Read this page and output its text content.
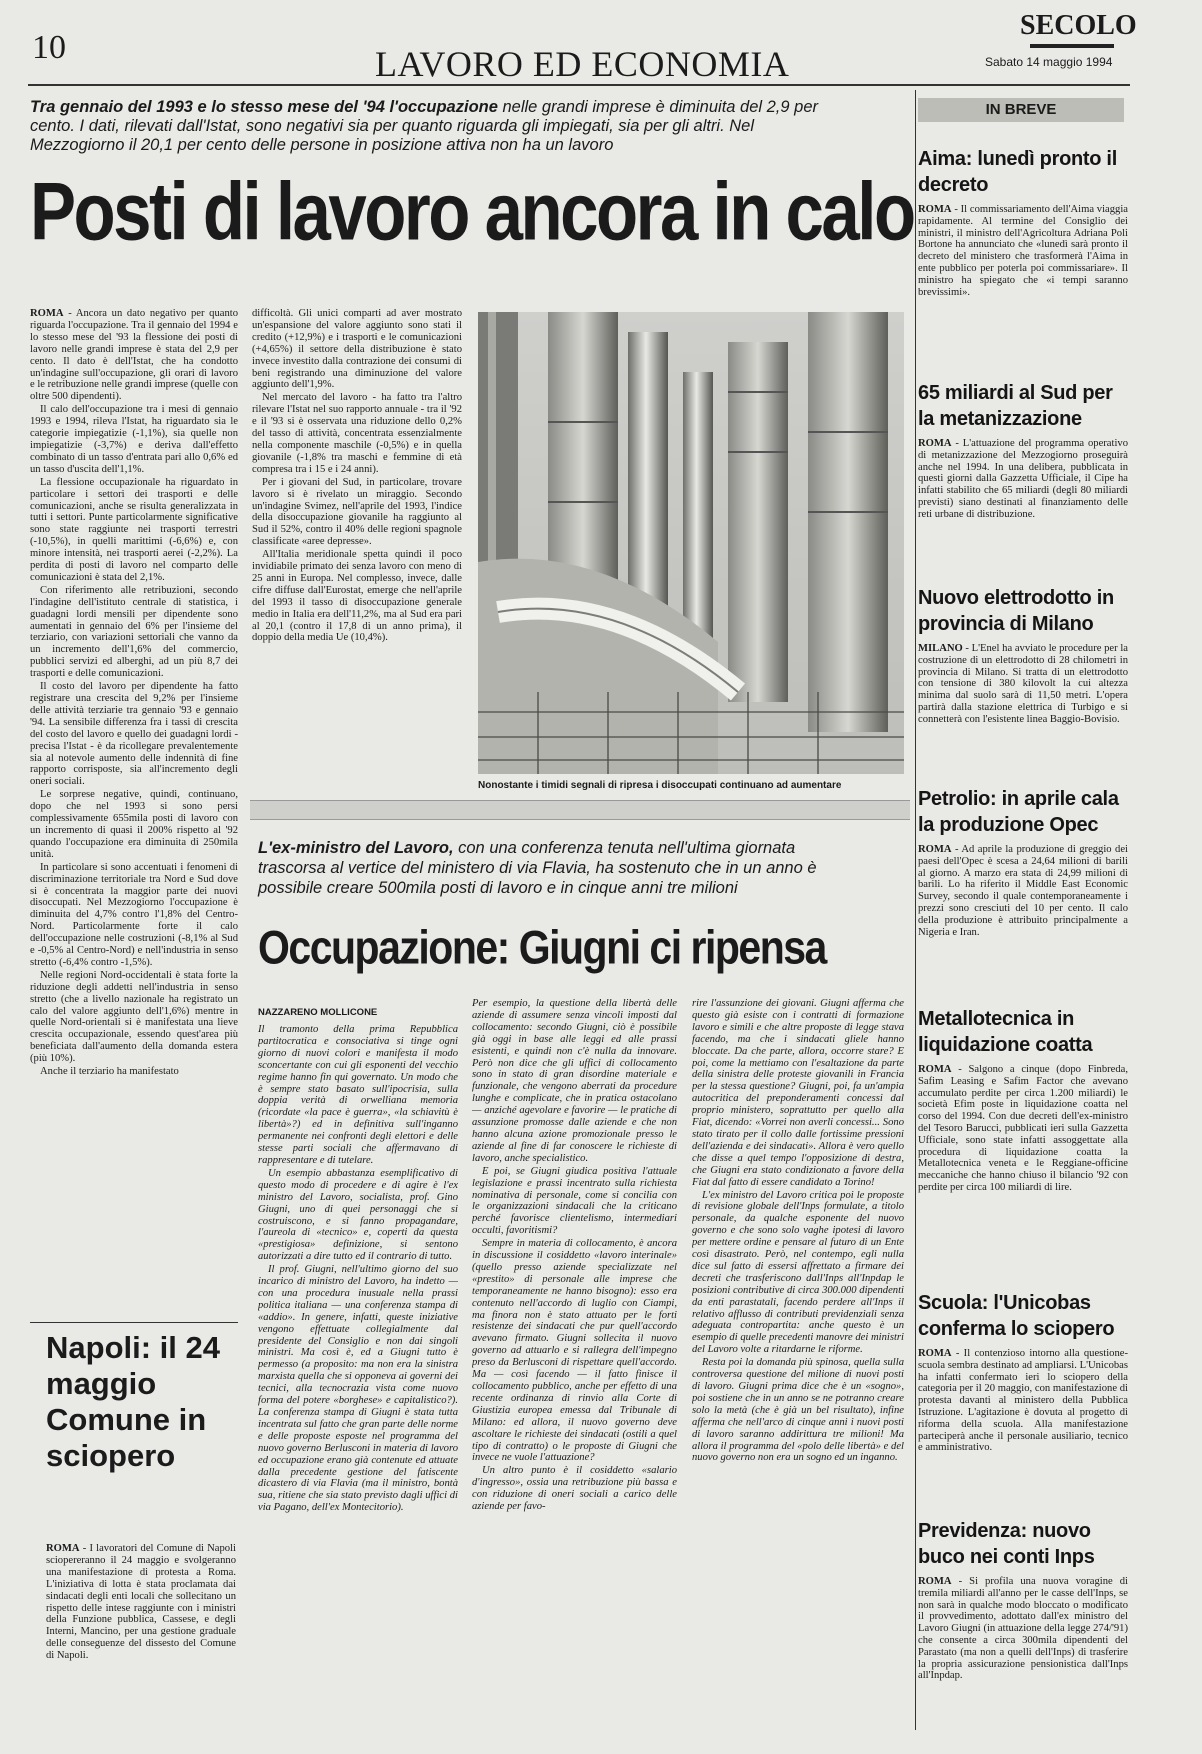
10	LAVORO ED ECONOMIA
SECOLO
Sabato 14 maggio 1994
Tra gennaio del 1993 e lo stesso mese del '94 l'occupazione nelle grandi imprese è diminuita del 2,9 per cento. I dati, rilevati dall'Istat, sono negativi sia per quanto riguarda gli impiegati, sia per gli altri. Nel Mezzogiorno il 20,1 per cento delle persone in posizione attiva non ha un lavoro
Posti di lavoro ancora in calo

ROMA - Ancora un dato negativo per quanto riguarda l'occupazione. Tra il gennaio del 1994 e lo stesso mese del '93 la flessione dei posti di lavoro nelle grandi imprese è stata del 2,9 per cento. Il dato è dell'Istat, che ha condotto un'indagine sull'occupazione, gli orari di lavoro e le retribuzione nelle grandi imprese (quelle con oltre 500 dipendenti).

Il calo dell'occupazione tra i mesi di gennaio 1993 e 1994, rileva l'Istat, ha riguardato sia le categorie impiegatizie (-1,1%), sia quelle non impiegatizie (-3,7%) e deriva dall'effetto combinato di un tasso d'entrata pari allo 0,6% ed un tasso d'uscita dell'1,1%.

La flessione occupazionale ha riguardato in particolare i settori dei trasporti e delle comunicazioni, anche se risulta generalizzata in tutti i settori. Punte particolarmente significative sono state raggiunte nei trasporti terrestri (-10,5%), in quelli marittimi (-6,6%) e, con minore intensità, nei trasporti aerei (-2,2%). La perdita di posti di lavoro nel comparto delle comunicazioni è stata del 2,1%.

Con riferimento alle retribuzioni, secondo l'indagine dell'istituto centrale di statistica, i guadagni lordi mensili per dipendente sono aumentati in gennaio del 6% per l'insieme del terziario, con variazioni settoriali che vanno da un incremento dell'1,6% del commercio, pubblici servizi ed alberghi, ad un più 8,7 dei trasporti e delle comunicazioni.

Il costo del lavoro per dipendente ha fatto registrare una crescita del 9,2% per l'insieme delle attività terziarie tra gennaio '93 e gennaio '94. La sensibile differenza fra i tassi di crescita del costo del lavoro e quello dei guadagni lordi - precisa l'Istat - è da ricollegare prevalentemente sia al notevole aumento delle indennità di fine rapporto corrisposte, sia all'incremento degli oneri sociali.

Le sorprese negative, quindi, continuano, dopo che nel 1993 si sono persi complessivamente 655mila posti di lavoro con un incremento di quasi il 200% rispetto al '92 quando l'occupazione era diminuita di 250mila unità.

In particolare si sono accentuati i fenomeni di discriminazione territoriale tra Nord e Sud dove si è concentrata la maggior parte dei nuovi disoccupati. Nel Mezzogiorno l'occupazione è diminuita del 4,7% contro l'1,8% del Centro-Nord. Particolarmente forte il calo dell'occupazione nelle costruzioni (-8,1% al Sud e -0,5% al Centro-Nord) e nell'industria in senso stretto (-6,4% contro -1,5%).

Nelle regioni Nord-occidentali è stata forte la riduzione degli addetti nell'industria in senso stretto (che a livello nazionale ha registrato un calo del valore aggiunto dell'1,6%) mentre in quelle Nord-orientali si è manifestata una lieve crescita occupazionale, essendo quest'area più beneficiata dall'aumento della domanda estera (più 10%).

Anche il terziario ha manifestato

difficoltà. Gli unici comparti ad aver mostrato un'espansione del valore aggiunto sono stati il credito (+12,9%) e i trasporti e le comunicazioni (+4,65%) il settore della distribuzione è stato invece investito dalla contrazione dei consumi di beni registrando una diminuzione del valore aggiunto dell'1,9%.

Nel mercato del lavoro - ha fatto tra l'altro rilevare l'Istat nel suo rapporto annuale - tra il '92 e il '93 si è osservata una riduzione dello 0,2% del tasso di attività, concentrata essenzialmente nella componente maschile (-0,5%) e in quella giovanile (-1,8% tra maschi e femmine di età compresa tra i 15 e i 24 anni).

Per i giovani del Sud, in particolare, trovare lavoro si è rivelato un miraggio. Secondo un'indagine Svimez, nell'aprile del 1993, l'indice della disoccupazione giovanile ha raggiunto al Sud il 52%, contro il 40% delle regioni spagnole classificate «aree depresse».

All'Italia meridionale spetta quindi il poco invidiabile primato dei senza lavoro con meno di 25 anni in Europa. Nel complesso, invece, dalle cifre diffuse dall'Eurostat, emerge che nell'aprile del 1993 il tasso di disoccupazione generale medio in Italia era dell'11,2%, ma al Sud era pari al 20,1 (contro il 17,8 di un anno prima), il doppio della media Ue (10,4%).

Nonostante i timidi segnali di ripresa i disoccupati continuano ad aumentare
L'ex-ministro del Lavoro, con una conferenza tenuta nell'ultima giornata trascorsa al vertice del ministero di via Flavia, ha sostenuto che in un anno è possibile creare 500mila posti di lavoro e in cinque anni tre milioni
Occupazione: Giugni ci ripensa
NAZZARENO MOLLICONE

Il tramonto della prima Repubblica partitocratica e consociativa si tinge ogni giorno di nuovi colori e manifesta il modo sconcertante con cui gli esponenti del vecchio regime hanno fin qui governato. Un modo che è sempre stato basato sull'ipocrisia, sulla doppia verità di orwelliana memoria (ricordate «la pace è guerra», «la schiavitù è libertà»?) ed in definitiva sull'inganno permanente nei confronti degli elettori e delle stesse parti sociali che affermavano di rappresentare e di tutelare.

Un esempio abbastanza esemplificativo di questo modo di procedere e di agire è l'ex ministro del Lavoro, socialista, prof. Gino Giugni, uno di quei personaggi che si costruiscono, e si fanno propagandare, l'aureola di «tecnico» e, coperti da questa «prestigiosa» definizione, si sentono autorizzati a dire tutto ed il contrario di tutto.

Il prof. Giugni, nell'ultimo giorno del suo incarico di ministro del Lavoro, ha indetto — con una procedura inusuale nella prassi politica italiana — una conferenza stampa di «addio». In genere, infatti, queste iniziative vengono effettuate collegialmente dal presidente del Consiglio e non dai singoli ministri. Ma così è, ed a Giugni tutto è permesso (a proposito: ma non era la sinistra marxista quella che si opponeva ai governi dei tecnici, alla tecnocrazia vista come nuovo forma del potere «borghese» e capitalistico?). La conferenza stampa di Giugni è stata tutta incentrata sul fatto che gran parte delle norme e delle proposte esposte nel programma del nuovo governo Berlusconi in materia di lavoro ed occupazione erano già contenute ed attuate dalla precedente gestione del fatiscente dicastero di via Flavia (ma il ministro, bontà sua, ritiene che sia stato previsto dagli uffici di via Pagano, dell'ex Montecitorio).

Per esempio, la questione della libertà delle aziende di assumere senza vincoli imposti dal collocamento: secondo Giugni, ciò è possibile già oggi in base alle leggi ed alle prassi esistenti, e quindi non c'è nulla da innovare. Però non dice che gli uffici di collocamento sono in stato di gran disordine materiale e funzionale, che vengono aberrati da procedure lunghe e complicate, che in pratica ostacolano — anziché agevolare e favorire — le pratiche di assunzione promosse dalle aziende e che non hanno alcuna azione promozionale presso le aziende al fine di far conoscere le richieste di lavoro, anche specialistico.

E poi, se Giugni giudica positiva l'attuale legislazione e prassi incentrato sulla richiesta nominativa di personale, come si concilia con le organizzazioni sindacali che la criticano perché favorisce clientelismo, intermediari occulti, favoritismi?

Sempre in materia di collocamento, è ancora in discussione il cosiddetto «lavoro interinale» (quello presso aziende specializzate nel «prestito» di personale alle imprese che temporaneamente ne hanno bisogno): esso era contenuto nell'accordo di luglio con Ciampi, ma finora non è stato attuato per le forti resistenze dei sindacati che pur quell'accordo avevano firmato. Giugni sollecita il nuovo governo ad attuarlo e si rallegra dell'impegno preso da Berlusconi di rispettare quell'accordo. Ma — così facendo — il fatto finisce il collocamento pubblico, anche per effetto di una recente ordinanza di rinvio alla Corte di Giustizia europea emessa dal Tribunale di Milano: ed allora, il nuovo governo deve ascoltare le richieste dei sindacati (ostili a quel tipo di contratto) o le proposte di Giugni che invece ne vuole l'attuazione?

Un altro punto è il cosiddetto «salario d'ingresso», ossia una retribuzione più bassa e con riduzione di oneri sociali a carico delle aziende per favo-

rire l'assunzione dei giovani. Giugni afferma che questo già esiste con i contratti di formazione lavoro e simili e che altre proposte di legge stava facendo, ma che i sindacati gliele hanno bloccate. Da che parte, allora, occorre stare? E poi, come la mettiamo con l'esaltazione da parte della sinistra delle proteste giovanili in Francia per la stessa questione? Giugni, poi, fa un'ampia autocritica del preponderamenti concessi dal proprio ministero, soprattutto per quello alla Fiat, dicendo: «Vorrei non averli concessi... Sono stato tirato per il collo dalle fortissime pressioni dell'azienda e dei sindacati». Allora è vero quello che disse a quel tempo l'opposizione di destra, che Giugni era stato condizionato a favore della Fiat dal fatto di essere candidato a Torino!

L'ex ministro del Lavoro critica poi le proposte di revisione globale dell'Inps formulate, a titolo personale, da qualche esponente del nuovo governo e che sono solo vaghe ipotesi di lavoro per mettere ordine e pensare al futuro di un Ente così disastrato. Però, nel contempo, egli nulla dice sul fatto di essersi affrettato a firmare dei decreti che trasferiscono dall'Inps all'Inpdap le posizioni contributive di circa 300.000 dipendenti da enti parastatali, facendo perdere all'Inps il relativo afflusso di contributi previdenziali senza adeguata contropartita: anche questo è un esempio di quelle precedenti manovre dei ministri del Lavoro volte a ritardarne le riforme.

Resta poi la domanda più spinosa, quella sulla controversa questione del milione di nuovi posti di lavoro. Giugni prima dice che è un «sogno», poi sostiene che in un anno se ne potranno creare solo la metà (che è già un bel risultato), infine afferma che nell'arco di cinque anni i nuovi posti di lavoro saranno addirittura tre milioni! Ma allora il programma del «polo delle libertà» e del nuovo governo non era un sogno ed un inganno.

Napoli: il 24 maggio Comune in sciopero

ROMA - I lavoratori del Comune di Napoli sciopereranno il 24 maggio e svolgeranno una manifestazione di protesta a Roma. L'iniziativa di lotta è stata proclamata dai sindacati degli enti locali che sollecitano un rispetto delle intese raggiunte con i ministri della Funzione pubblica, Cassese, e degli Interni, Mancino, per una gestione graduale delle conseguenze del dissesto del Comune di Napoli.

IN BREVE
Aima: lunedì pronto il decreto
ROMA - Il commissariamento dell'Aima viaggia rapidamente. Al termine del Consiglio dei ministri, il ministro dell'Agricoltura Adriana Poli Bortone ha annunciato che «lunedì sarà pronto il decreto del ministero che trasformerà l'Aima in ente pubblico per poterla poi commissariare». Il ministro ha spiegato che «i tempi saranno brevissimi».
65 miliardi al Sud per la metanizzazione
ROMA - L'attuazione del programma operativo di metanizzazione del Mezzogiorno proseguirà anche nel 1994. In una delibera, pubblicata in questi giorni dalla Gazzetta Ufficiale, il Cipe ha infatti stabilito che 65 miliardi (degli 80 miliardi previsti) siano destinati al finanziamento delle reti urbane di distribuzione.
Nuovo elettrodotto in provincia di Milano
MILANO - L'Enel ha avviato le procedure per la costruzione di un elettrodotto di 28 chilometri in provincia di Milano. Si tratta di un elettrodotto con tensione di 380 kilovolt la cui altezza minima dal suolo sarà di 11,50 metri. L'opera partirà dalla stazione elettrica di Turbigo e si connetterà con l'esistente linea Baggio-Bovisio.
Petrolio: in aprile cala la produzione Opec
ROMA - Ad aprile la produzione di greggio dei paesi dell'Opec è scesa a 24,64 milioni di barili al giorno. A marzo era stata di 24,99 milioni di barili. Lo ha riferito il Middle East Economic Survey, secondo il quale contemporaneamente i prezzi sono cresciuti del 10 per cento. Il calo della produzione è attribuito principalmente a Nigeria e Iran.
Metallotecnica in liquidazione coatta
ROMA - Salgono a cinque (dopo Finbreda, Safim Leasing e Safim Factor che avevano accumulato perdite per circa 1.200 miliardi) le società Efim poste in liquidazione coatta nel corso del 1994. Con due decreti dell'ex-ministro del Tesoro Barucci, pubblicati ieri sulla Gazzetta Ufficiale, sono state infatti assoggettate alla procedura di liquidazione coatta la Metallotecnica veneta e le Reggiane-officine meccaniche che hanno chiuso il bilancio '92 con perdite per circa 100 miliardi di lire.
Scuola: l'Unicobas conferma lo sciopero
ROMA - Il contenzioso intorno alla questione-scuola sembra destinato ad ampliarsi. L'Unicobas ha infatti confermato ieri lo sciopero della categoria per il 20 maggio, con manifestazione di protesta davanti al ministero della Pubblica Istruzione. L'agitazione è dovuta al progetto di riforma della scuola. Alla manifestazione parteciperà anche il personale ausiliario, tecnico e amministrativo.
Previdenza: nuovo buco nei conti Inps
ROMA - Si profila una nuova voragine di tremila miliardi all'anno per le casse dell'Inps, se non sarà in qualche modo bloccato o modificato il provvedimento, adottato dall'ex ministro del Lavoro Giugni (in attuazione della legge 274/'91) che consente a circa 300mila dipendenti del Parastato (ma non a quelli dell'Inps) di trasferire la propria assicurazione pensionistica dall'Inps all'Inpdap.
